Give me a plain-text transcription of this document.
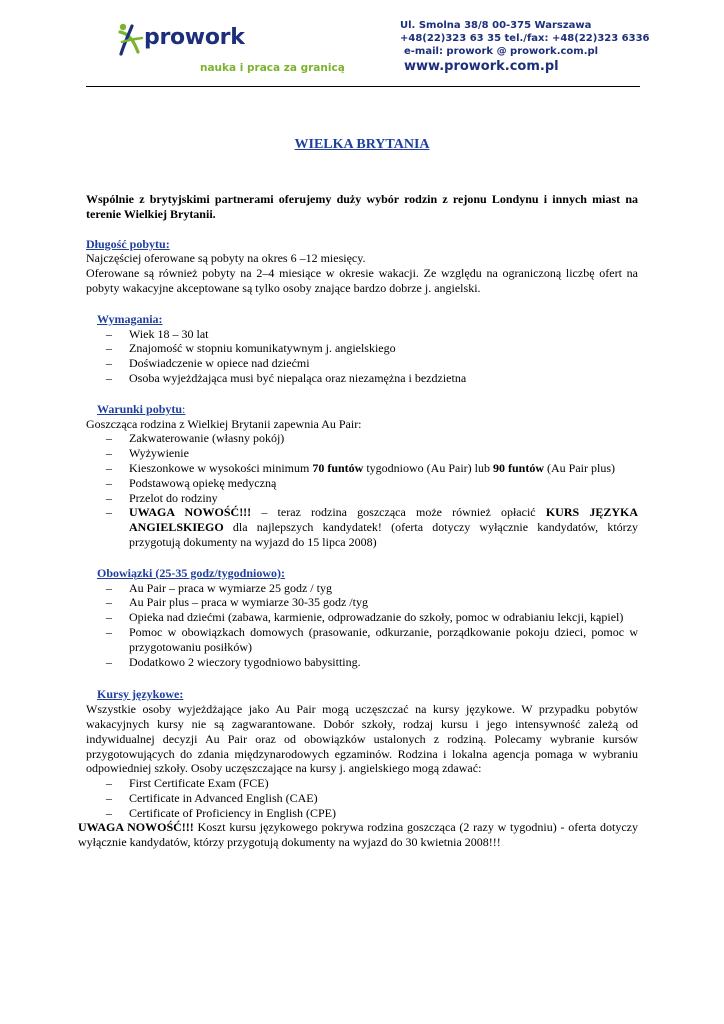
prowork
nauka i praca za granicą
Ul. Smolna 38/8 00-375 Warszawa
+48(22)323 63 35 tel./fax: +48(22)323 6336
e-mail: prowork @ prowork.com.pl
www.prowork.com.pl
WIELKA BRYTANIA

Wspólnie z brytyjskimi partnerami oferujemy duży wybór rodzin z rejonu Londynu i innych miast na terenie Wielkiej Brytanii.

Długość pobytu:

Najczęściej oferowane są pobyty na okres 6 –12 miesięcy.

Oferowane są również pobyty na 2–4 miesiące w okresie wakacji. Ze względu na ograniczoną liczbę ofert na pobyty wakacyjne akceptowane są tylko osoby znające bardzo dobrze j. angielski.

Wymagania:
– Wiek 18 – 30 lat
– Znajomość w stopniu komunikatywnym j. angielskiego
– Doświadczenie w opiece nad dziećmi
– Osoba wyjeżdżająca musi być niepaląca oraz niezamężna i bezdzietna
Warunki pobytu:

Goszcząca rodzina z Wielkiej Brytanii zapewnia Au Pair:

– Zakwaterowanie (własny pokój)
– Wyżywienie
– Kieszonkowe w wysokości minimum 70 funtów tygodniowo (Au Pair) lub 90 funtów (Au Pair plus)
– Podstawową opiekę medyczną
– Przelot do rodziny
– UWAGA NOWOŚĆ!!! – teraz rodzina goszcząca może również opłacić KURS JĘZYKA ANGIELSKIEGO dla najlepszych kandydatek! (oferta dotyczy wyłącznie kandydatów, którzy przygotują dokumenty na wyjazd do 15 lipca 2008)
Obowiązki (25-35 godz/tygodniowo):
– Au Pair – praca w wymiarze 25 godz / tyg
– Au Pair plus – praca w wymiarze 30-35 godz /tyg
– Opieka nad dziećmi (zabawa, karmienie, odprowadzanie do szkoły, pomoc w odrabianiu lekcji, kąpiel)
– Pomoc w obowiązkach domowych (prasowanie, odkurzanie, porządkowanie pokoju dzieci, pomoc w przygotowaniu posiłków)
– Dodatkowo 2 wieczory tygodniowo babysitting.
Kursy językowe:

Wszystkie osoby wyjeżdżające jako Au Pair mogą uczęszczać na kursy językowe. W przypadku pobytów wakacyjnych kursy nie są zagwarantowane. Dobór szkoły, rodzaj kursu i jego intensywność zależą od indywidualnej decyzji Au Pair oraz od obowiązków ustalonych z rodziną. Polecamy wybranie kursów przygotowujących do zdania międzynarodowych egzaminów. Rodzina i lokalna agencja pomaga w wybraniu odpowiedniej szkoły. Osoby uczęszczające na kursy j. angielskiego mogą zdawać:

– First Certificate Exam (FCE)
– Certificate in Advanced English (CAE)
– Certificate of Proficiency in English (CPE)

UWAGA NOWOŚĆ!!! Koszt kursu językowego pokrywa rodzina goszcząca (2 razy w tygodniu) - oferta dotyczy wyłącznie kandydatów, którzy przygotują dokumenty na wyjazd do 30 kwietnia 2008!!!
